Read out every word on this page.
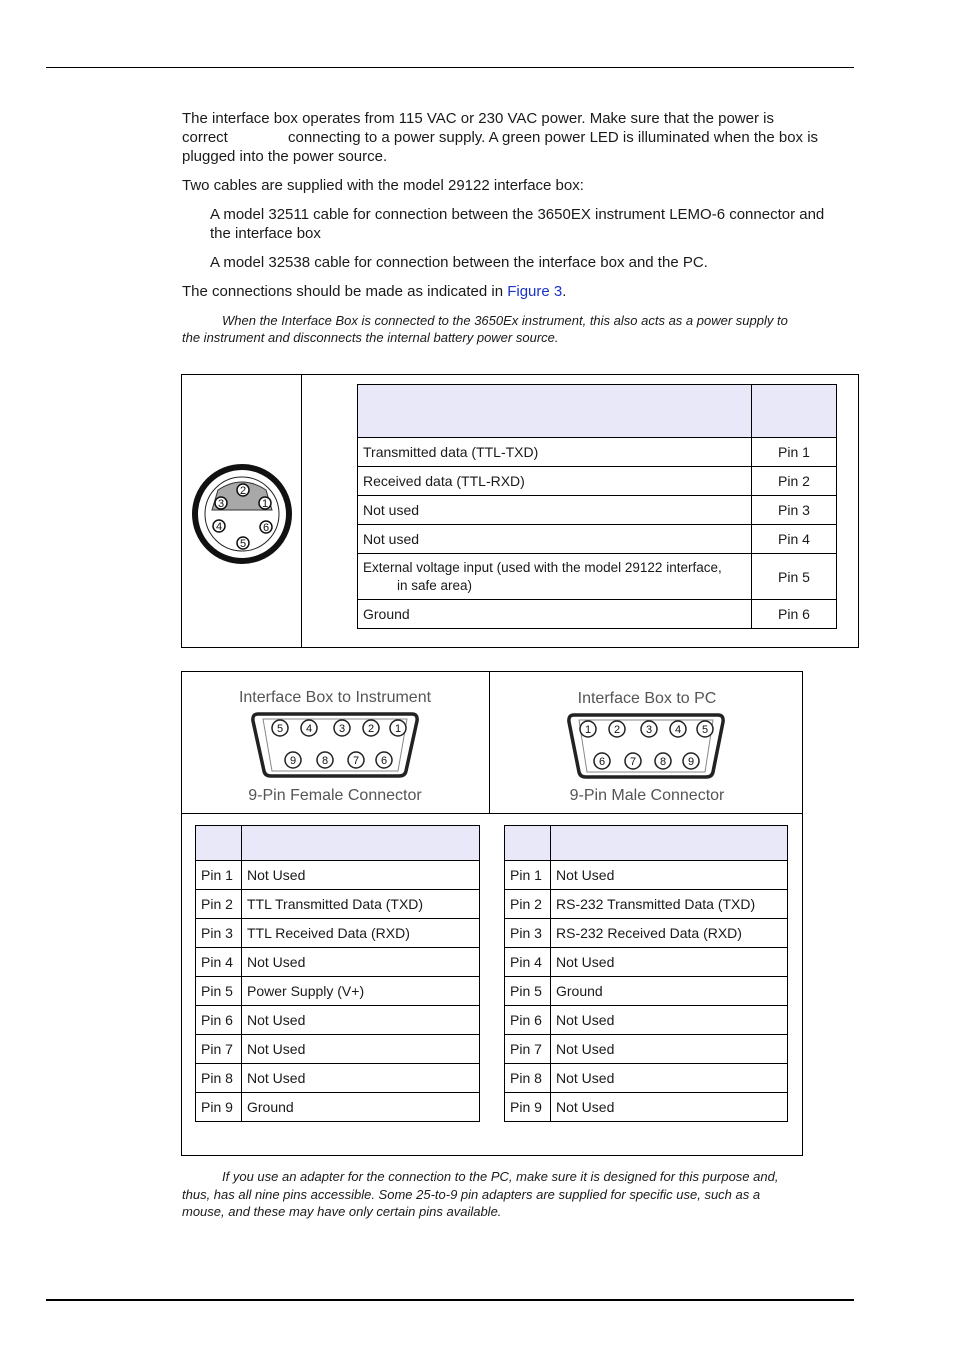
The interface box operates from 115 VAC or 230 VAC power. Make sure that the power is

correct	connecting to a power supply. A green power LED is illuminated when the box is

plugged into the power source.

Two cables are supplied with the model 29122 interface box:

A model 32511 cable for connection between the 3650EX instrument LEMO-6 connector and

the interface box

A model 32538 cable for connection between the interface box and the PC.

The connections should be made as indicated in Figure 3.

When the Interface Box is connected to the 3650Ex instrument, this also acts as a power supply to

the instrument and disconnects the internal battery power source.

1
2
3
4
5
6

Transmitted data (TTL-TXD)	Pin 1
Received data (TTL-RXD)	Pin 2
Not used	Pin 3
Not used	Pin 4

External voltage input (used with the model 29122 interface,
in safe area)	Pin 5
Ground	Pin 6
Interface Box to Instrument
5 4 3 2 1
9 8 7 6
9-Pin Female Connector
Interface Box to PC
1 2 3 4 5
6 7 8 9
9-Pin Male Connector

Pin 1	Not Used
Pin 2	TTL Transmitted Data (TXD)
Pin 3	TTL Received Data (RXD)
Pin 4	Not Used
Pin 5	Power Supply (V+)
Pin 6	Not Used
Pin 7	Not Used
Pin 8	Not Used
Pin 9	Ground

Pin 1	Not Used
Pin 2	RS-232 Transmitted Data (TXD)
Pin 3	RS-232 Received Data (RXD)
Pin 4	Not Used
Pin 5	Ground
Pin 6	Not Used
Pin 7	Not Used
Pin 8	Not Used
Pin 9	Not Used

If you use an adapter for the connection to the PC, make sure it is designed for this purpose and,

thus, has all nine pins accessible. Some 25-to-9 pin adapters are supplied for specific use, such as a

mouse, and these may have only certain pins available.
